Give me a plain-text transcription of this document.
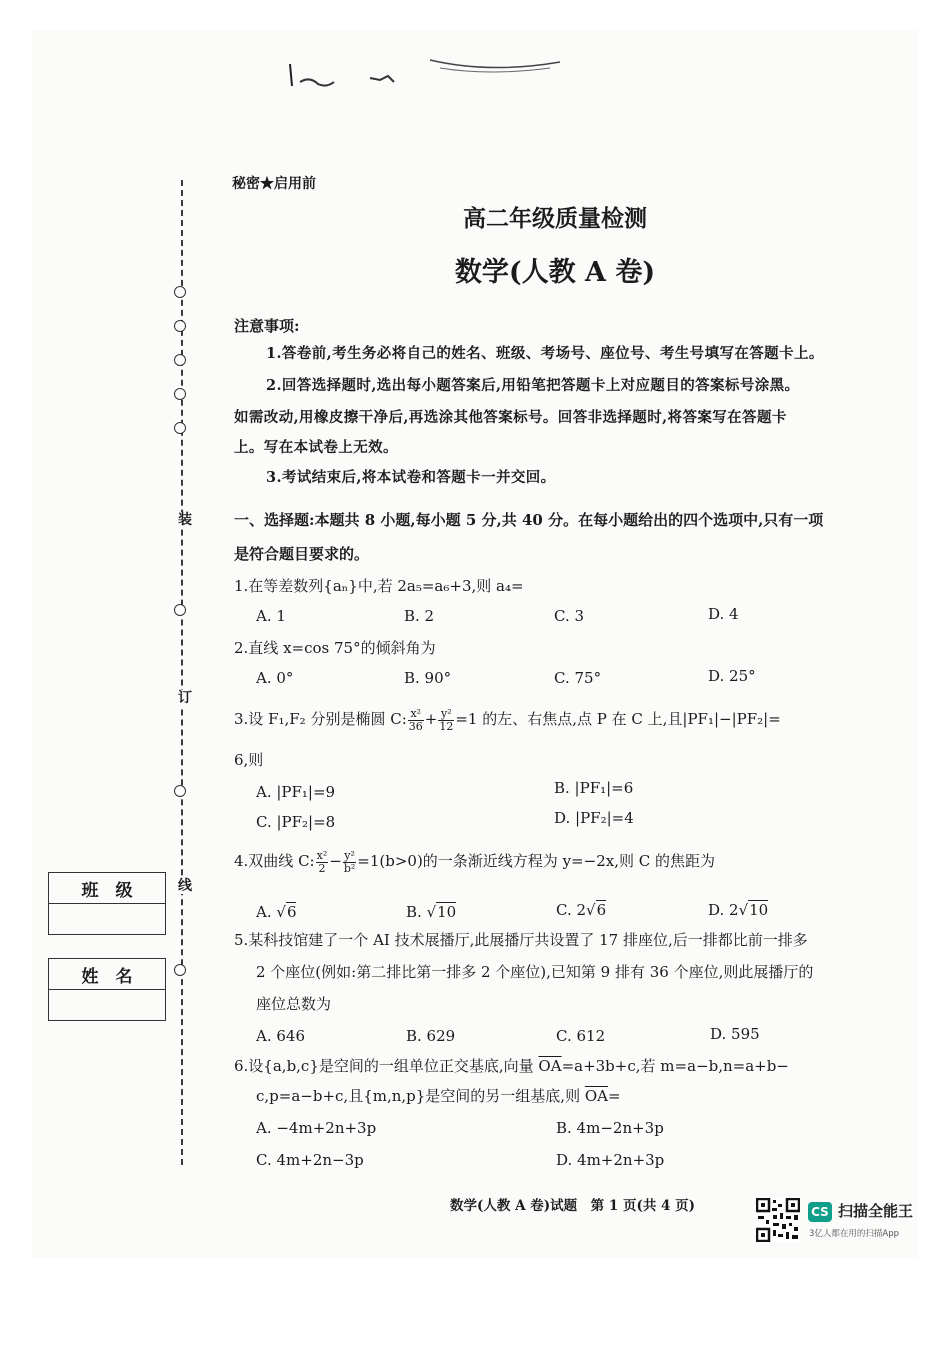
装
订
线
班　级
姓　名
秘密★启用前
高二年级质量检测
数学(人教 A 卷)
注意事项:
1.答卷前,考生务必将自己的姓名、班级、考场号、座位号、考生号填写在答题卡上。
2.回答选择题时,选出每小题答案后,用铅笔把答题卡上对应题目的答案标号涂黑。
如需改动,用橡皮擦干净后,再选涂其他答案标号。回答非选择题时,将答案写在答题卡
上。写在本试卷上无效。
3.考试结束后,将本试卷和答题卡一并交回。
一、选择题:本题共 8 小题,每小题 5 分,共 40 分。在每小题给出的四个选项中,只有一项
是符合题目要求的。
1.在等差数列{aₙ}中,若 2a₅=a₆+3,则 a₄=
A. 1	B. 2	C. 3	D. 4
2.直线 x=cos 75°的倾斜角为
A. 0°	B. 90°	C. 75°	D. 25°
3.设 F₁,F₂ 分别是椭圆 C: $\frac{\text{x²}}{36} + \frac{\text{y²}}{12} =1$ 的左、右焦点,点 P 在 C 上,且|PF₁|−|PF₂|=
6,则
A. |PF₁|=9	B. |PF₁|=6
C. |PF₂|=8	D. |PF₂|=4
4.双曲线 C: $\frac{\text{x²}}{2} - \frac{\text{y²}}{\text{b²}} =1(b>0)$的一条渐近线方程为 y=−2x,则 C 的焦距为
A. √6	B. √10	C. 2√6	D. 2√10
5.某科技馆建了一个 AI 技术展播厅,此展播厅共设置了 17 排座位,后一排都比前一排多
2 个座位(例如:第二排比第一排多 2 个座位),已知第 9 排有 36 个座位,则此展播厅的
座位总数为
A. 646	B. 629	C. 612	D. 595
6.设{a,b,c}是空间的一组单位正交基底,向量 $\overline{OA}=a+3b+c$,若 m=a−b,n=a+b−
c,p=a−b+c,且{m,n,p}是空间的另一组基底,则 $\overline{OA}=$
A. −4m+2n+3p	B. 4m−2n+3p
C. 4m+2n−3p	D. 4m+2n+3p
数学(人教 A 卷)试题　第 1 页(共 4 页)	CS 扫描全能王
3亿人都在用的扫描App
